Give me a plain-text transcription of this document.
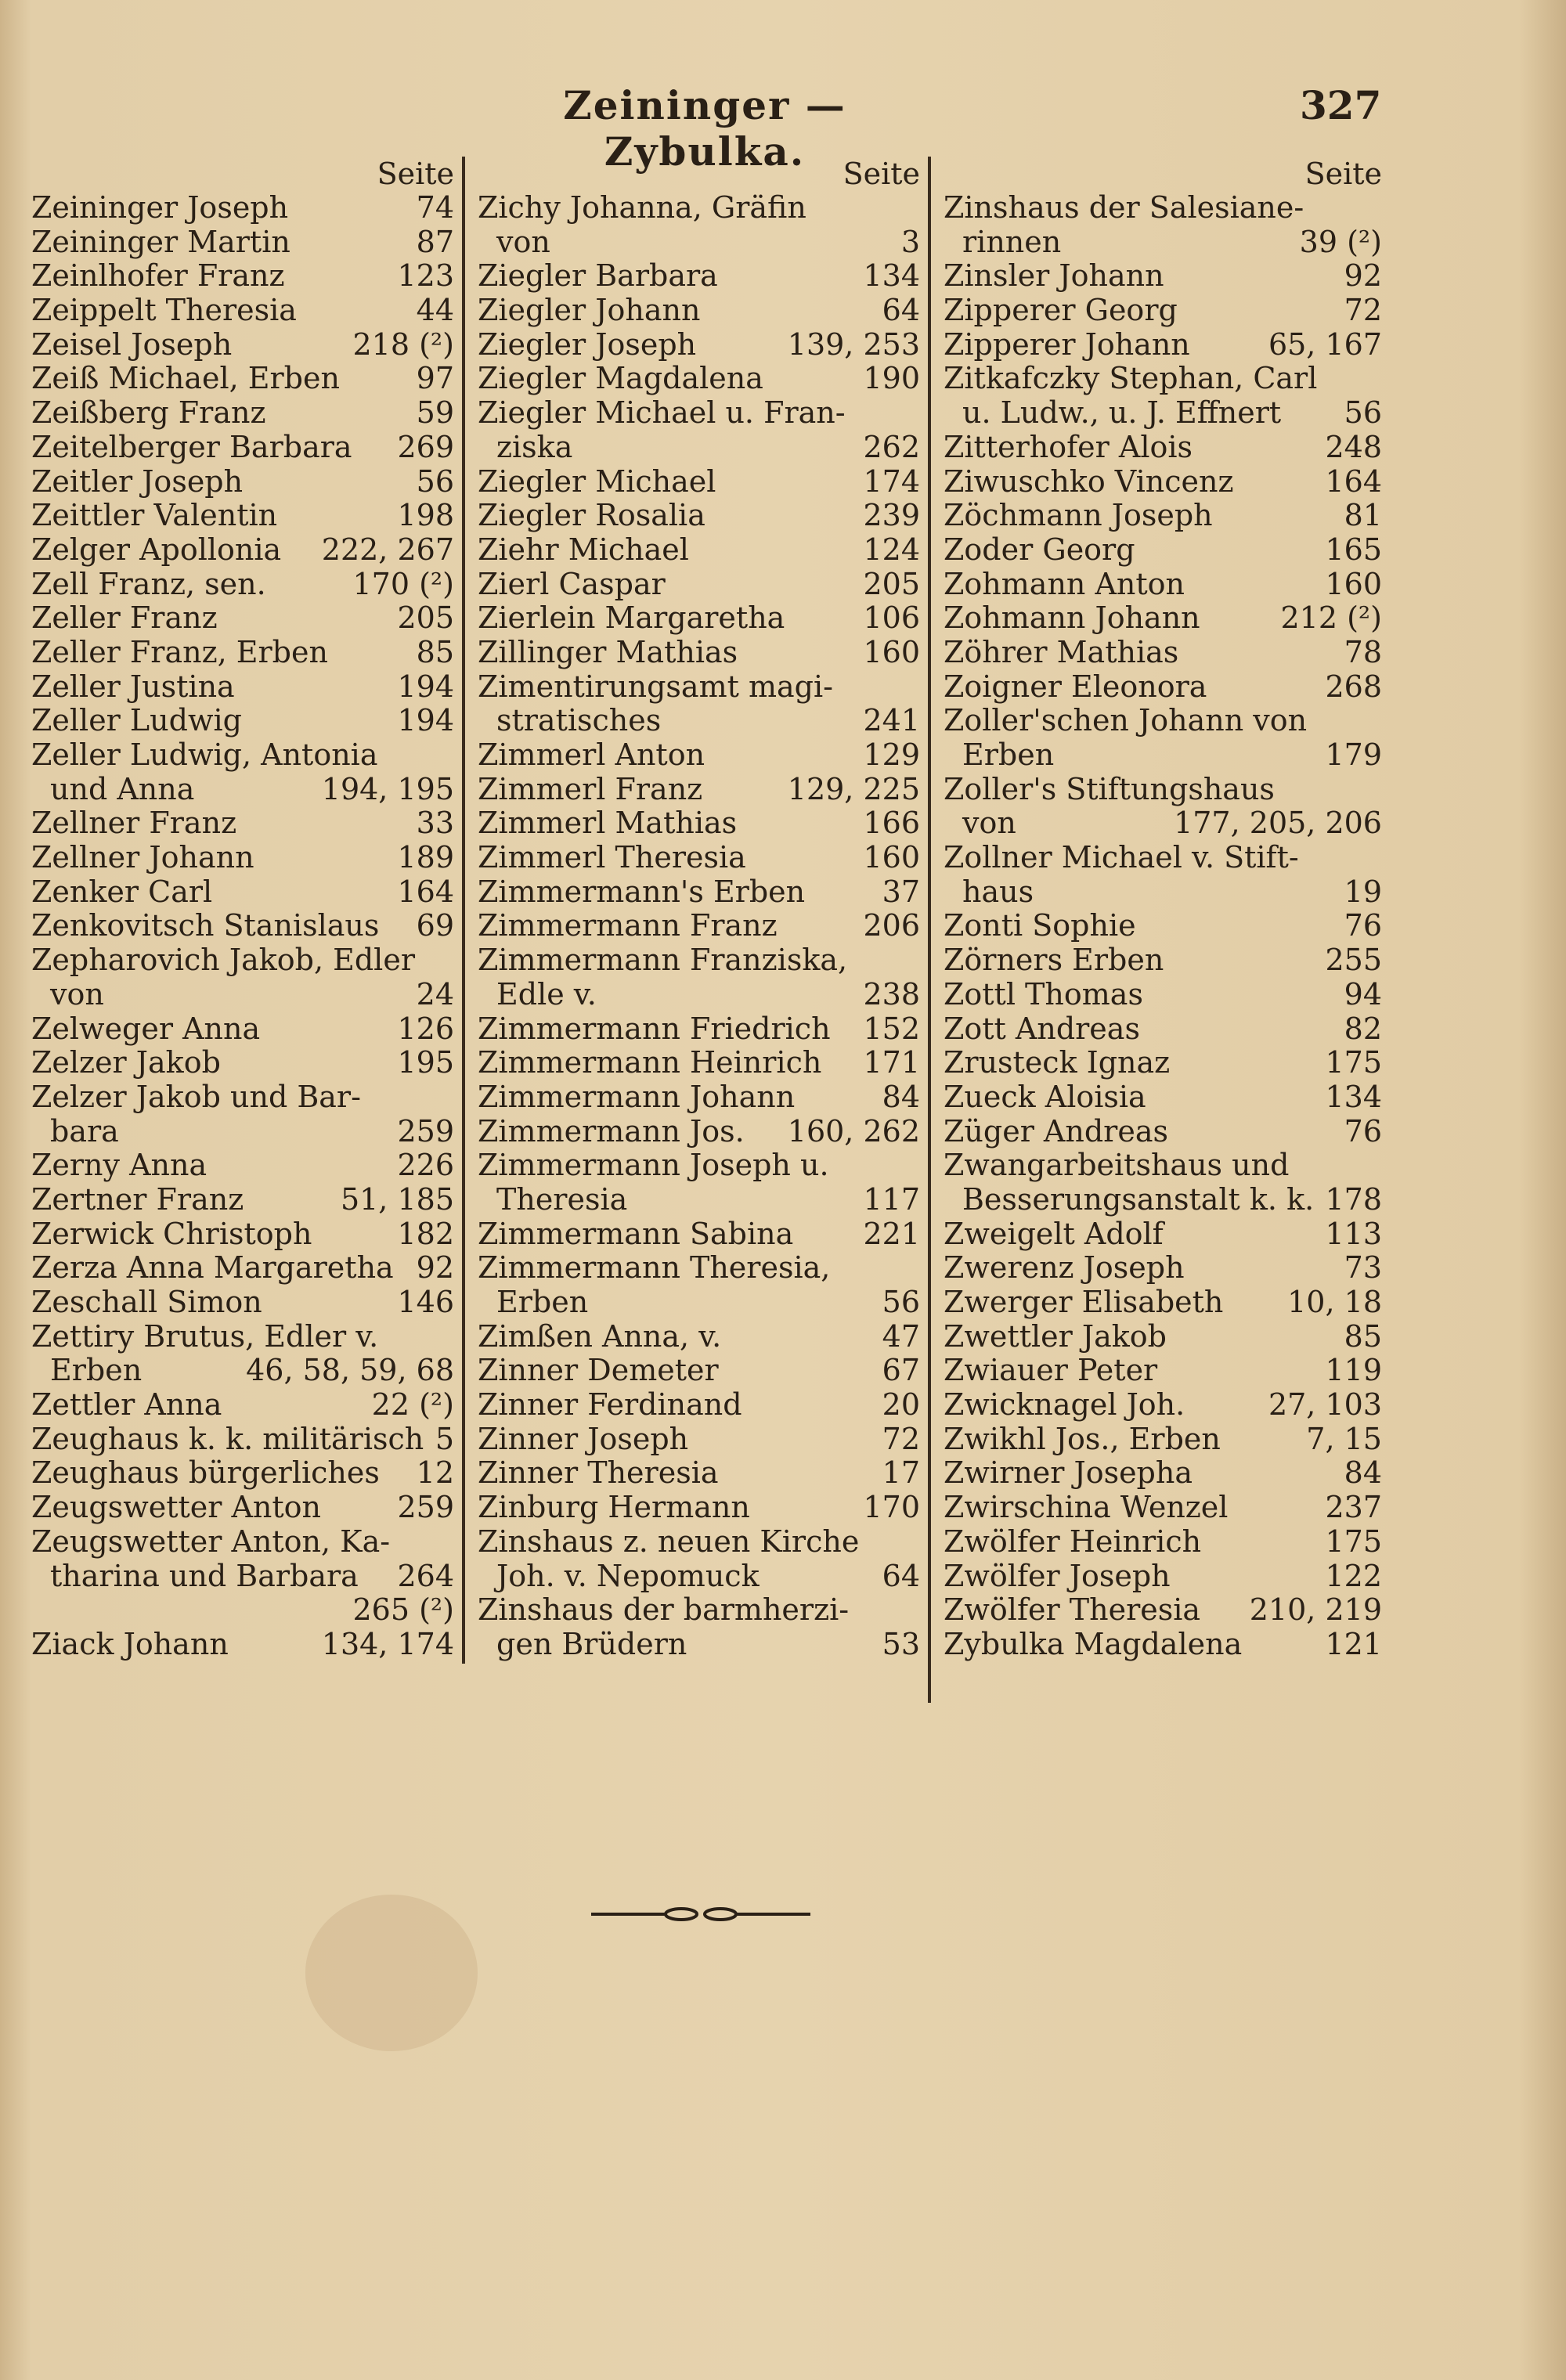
Zeininger — Zybulka.
327
Seite
Zeininger Joseph	74
Zeininger Martin	87
Zeinlhofer Franz	123
Zeippelt Theresia	44
Zeisel Joseph	218 (²)
Zeiß Michael, Erben	97
Zeißberg Franz	59
Zeitelberger Barbara 269
Zeitler Joseph	56
Zeittler Valentin	198
Zelger Apollonia 222, 267
Zell Franz, sen.	170 (²)
Zeller Franz	205
Zeller Franz, Erben	85
Zeller Justina	194
Zeller Ludwig	194
Zeller Ludwig, Antonia
und Anna	194, 195
Zellner Franz	33
Zellner Johann	189
Zenker Carl	164
Zenkovitsch Stanislaus 69
Zepharovich Jakob, Edler
von	24
Zelweger Anna	126
Zelzer Jakob	195
Zelzer Jakob und Bar-
bara	259
Zerny Anna	226
Zertner Franz	51, 185
Zerwick Christoph	182
Zerza Anna Margaretha 92
Zeschall Simon	146
Zettiry Brutus, Edler v.
Erben	46, 58, 59, 68
Zettler Anna	22 (²)
Zeughaus k. k. militärisch 5
Zeughaus bürgerliches 12
Zeugswetter Anton	259
Zeugswetter Anton, Ka-
tharina und Barbara 264
265 (²)
Ziack Johann	134, 174
Seite
Zichy Johanna, Gräfin
von	3
Ziegler Barbara	134
Ziegler Johann	64
Ziegler Joseph	139, 253
Ziegler Magdalena	190
Ziegler Michael u. Fran-
ziska	262
Ziegler Michael	174
Ziegler Rosalia	239
Ziehr Michael	124
Zierl Caspar	205
Zierlein Margaretha	106
Zillinger Mathias	160
Zimentirungsamt magi-
stratisches	241
Zimmerl Anton	129
Zimmerl Franz	129, 225
Zimmerl Mathias	166
Zimmerl Theresia	160
Zimmermann's Erben	37
Zimmermann Franz	206
Zimmermann Franziska,
Edle v.	238
Zimmermann Friedrich 152
Zimmermann Heinrich 171
Zimmermann Johann	84
Zimmermann Jos. 160, 262
Zimmermann Joseph u.
Theresia	117
Zimmermann Sabina 221
Zimmermann Theresia,
Erben	56
Zimßen Anna, v.	47
Zinner Demeter	67
Zinner Ferdinand	20
Zinner Joseph	72
Zinner Theresia	17
Zinburg Hermann	170
Zinshaus z. neuen Kirche
Joh. v. Nepomuck	64
Zinshaus der barmherzi-
gen Brüdern	53
Seite
Zinshaus der Salesiane-
rinnen	39 (²)
Zinsler Johann	92
Zipperer Georg	72
Zipperer Johann	65, 167
Zitkafczky Stephan, Carl
u. Ludw., u. J. Effnert 56
Zitterhofer Alois	248
Ziwuschko Vincenz	164
Zöchmann Joseph	81
Zoder Georg	165
Zohmann Anton	160
Zohmann Johann	212 (²)
Zöhrer Mathias	78
Zoigner Eleonora	268
Zoller'schen Johann von
Erben	179
Zoller's Stiftungshaus
von	177, 205, 206
Zollner Michael v. Stift-
haus	19
Zonti Sophie	76
Zörners Erben	255
Zottl Thomas	94
Zott Andreas	82
Zrusteck Ignaz	175
Zueck Aloisia	134
Züger Andreas	76
Zwangarbeitshaus und
Besserungsanstalt k. k. 178
Zweigelt Adolf	113
Zwerenz Joseph	73
Zwerger Elisabeth 10, 18
Zwettler Jakob	85
Zwiauer Peter	119
Zwicknagel Joh.	27, 103
Zwikhl Jos., Erben	7, 15
Zwirner Josepha	84
Zwirschina Wenzel	237
Zwölfer Heinrich	175
Zwölfer Joseph	122
Zwölfer Theresia 210, 219
Zybulka Magdalena	121
